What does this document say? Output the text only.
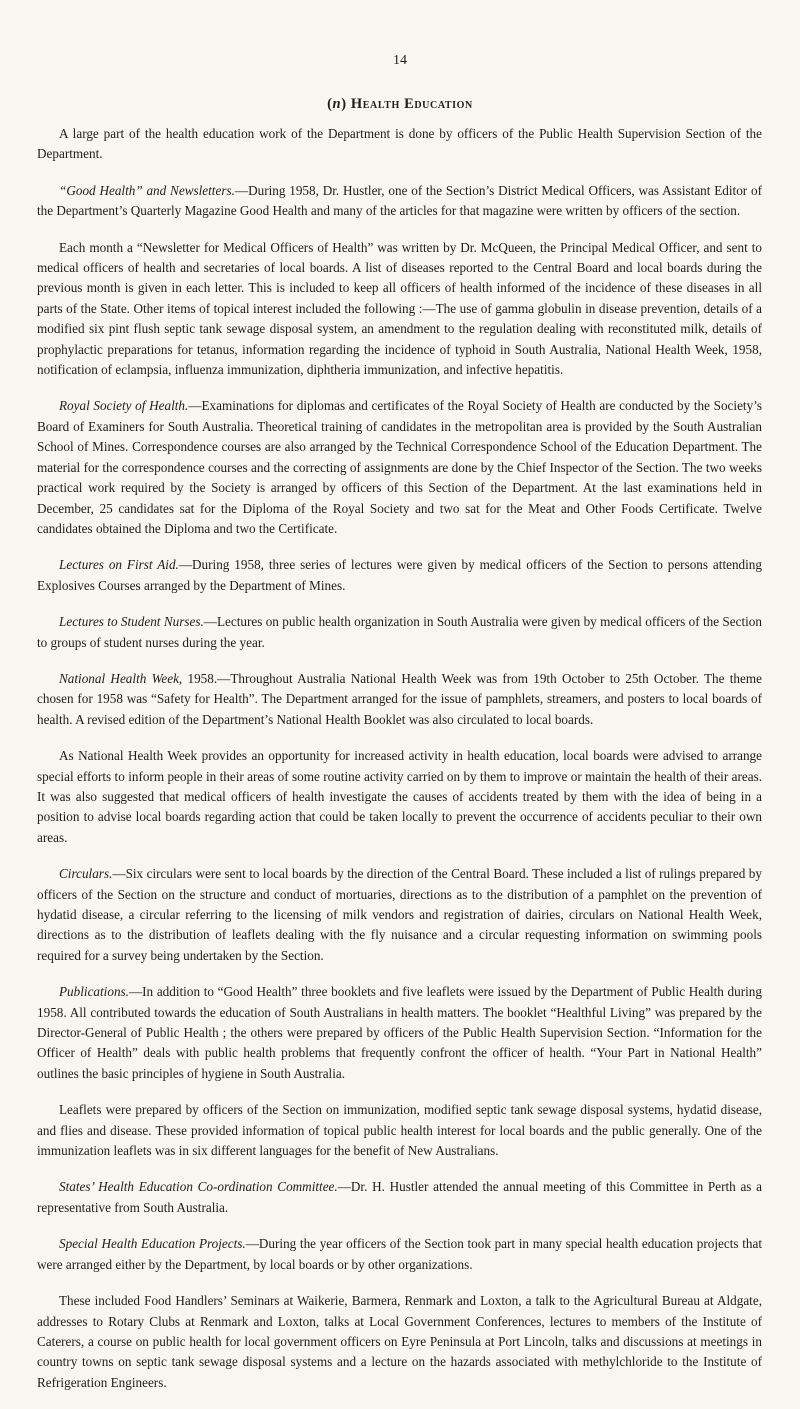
14

(n) Health Education

A large part of the health education work of the Department is done by officers of the Public Health Supervision Section of the Department.

“Good Health” and Newsletters.—During 1958, Dr. Hustler, one of the Section’s District Medical Officers, was Assistant Editor of the Department’s Quarterly Magazine Good Health and many of the articles for that magazine were written by officers of the section.

Each month a “Newsletter for Medical Officers of Health” was written by Dr. McQueen, the Principal Medical Officer, and sent to medical officers of health and secretaries of local boards. A list of diseases reported to the Central Board and local boards during the previous month is given in each letter. This is included to keep all officers of health informed of the incidence of these diseases in all parts of the State. Other items of topical interest included the following :—The use of gamma globulin in disease prevention, details of a modified six pint flush septic tank sewage disposal system, an amendment to the regulation dealing with reconstituted milk, details of prophylactic preparations for tetanus, information regarding the incidence of typhoid in South Australia, National Health Week, 1958, notification of eclampsia, influenza immunization, diphtheria immunization, and infective hepatitis.

Royal Society of Health.—Examinations for diplomas and certificates of the Royal Society of Health are conducted by the Society’s Board of Examiners for South Australia. Theoretical training of candidates in the metropolitan area is provided by the South Australian School of Mines. Correspondence courses are also arranged by the Technical Correspondence School of the Education Department. The material for the correspondence courses and the correcting of assignments are done by the Chief Inspector of the Section. The two weeks practical work required by the Society is arranged by officers of this Section of the Department. At the last examinations held in December, 25 candidates sat for the Diploma of the Royal Society and two sat for the Meat and Other Foods Certificate. Twelve candidates obtained the Diploma and two the Certificate.

Lectures on First Aid.—During 1958, three series of lectures were given by medical officers of the Section to persons attending Explosives Courses arranged by the Department of Mines.

Lectures to Student Nurses.—Lectures on public health organization in South Australia were given by medical officers of the Section to groups of student nurses during the year.

National Health Week, 1958.—Throughout Australia National Health Week was from 19th October to 25th October. The theme chosen for 1958 was “Safety for Health”. The Department arranged for the issue of pamphlets, streamers, and posters to local boards of health. A revised edition of the Department’s National Health Booklet was also circulated to local boards.

As National Health Week provides an opportunity for increased activity in health education, local boards were advised to arrange special efforts to inform people in their areas of some routine activity carried on by them to improve or maintain the health of their areas. It was also suggested that medical officers of health investigate the causes of accidents treated by them with the idea of being in a position to advise local boards regarding action that could be taken locally to prevent the occurrence of accidents peculiar to their own areas.

Circulars.—Six circulars were sent to local boards by the direction of the Central Board. These included a list of rulings prepared by officers of the Section on the structure and conduct of mortuaries, directions as to the distribution of a pamphlet on the prevention of hydatid disease, a circular referring to the licensing of milk vendors and registration of dairies, circulars on National Health Week, directions as to the distribution of leaflets dealing with the fly nuisance and a circular requesting information on swimming pools required for a survey being undertaken by the Section.

Publications.—In addition to “Good Health” three booklets and five leaflets were issued by the Department of Public Health during 1958. All contributed towards the education of South Australians in health matters. The booklet “Healthful Living” was prepared by the Director-General of Public Health ; the others were prepared by officers of the Public Health Supervision Section. “Information for the Officer of Health” deals with public health problems that frequently confront the officer of health. “Your Part in National Health” outlines the basic principles of hygiene in South Australia.

Leaflets were prepared by officers of the Section on immunization, modified septic tank sewage disposal systems, hydatid disease, and flies and disease. These provided information of topical public health interest for local boards and the public generally. One of the immunization leaflets was in six different languages for the benefit of New Australians.

States’ Health Education Co-ordination Committee.—Dr. H. Hustler attended the annual meeting of this Committee in Perth as a representative from South Australia.

Special Health Education Projects.—During the year officers of the Section took part in many special health education projects that were arranged either by the Department, by local boards or by other organizations.

These included Food Handlers’ Seminars at Waikerie, Barmera, Renmark and Loxton, a talk to the Agricultural Bureau at Aldgate, addresses to Rotary Clubs at Renmark and Loxton, talks at Local Government Conferences, lectures to members of the Institute of Caterers, a course on public health for local government officers on Eyre Peninsula at Port Lincoln, talks and discussions at meetings in country towns on septic tank sewage disposal systems and a lecture on the hazards associated with methylchloride to the Institute of Refrigeration Engineers.
